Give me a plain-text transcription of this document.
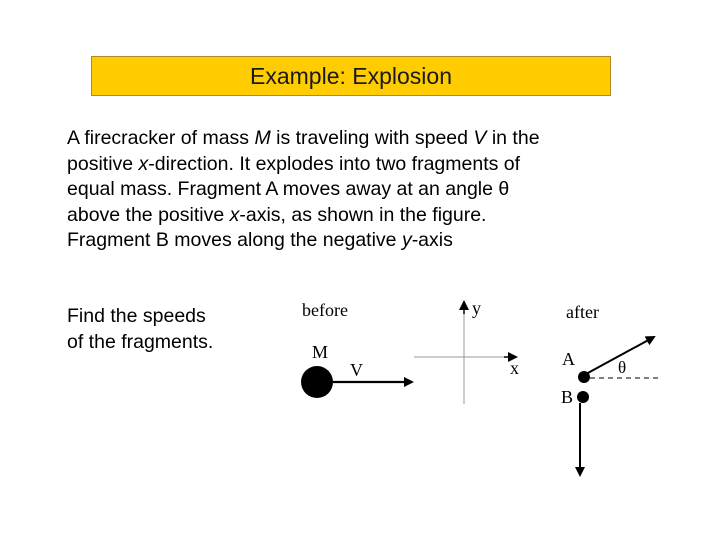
Example: Explosion

A firecracker of mass M is traveling with speed V in the

positive x-direction. It explodes into two fragments of

equal mass. Fragment A moves away at an angle θ

above the positive x-axis, as shown in the figure.

Fragment B moves along the negative y-axis

Find the speeds
of the fragments.
before
M
V
y
x
after
A	θ
B
